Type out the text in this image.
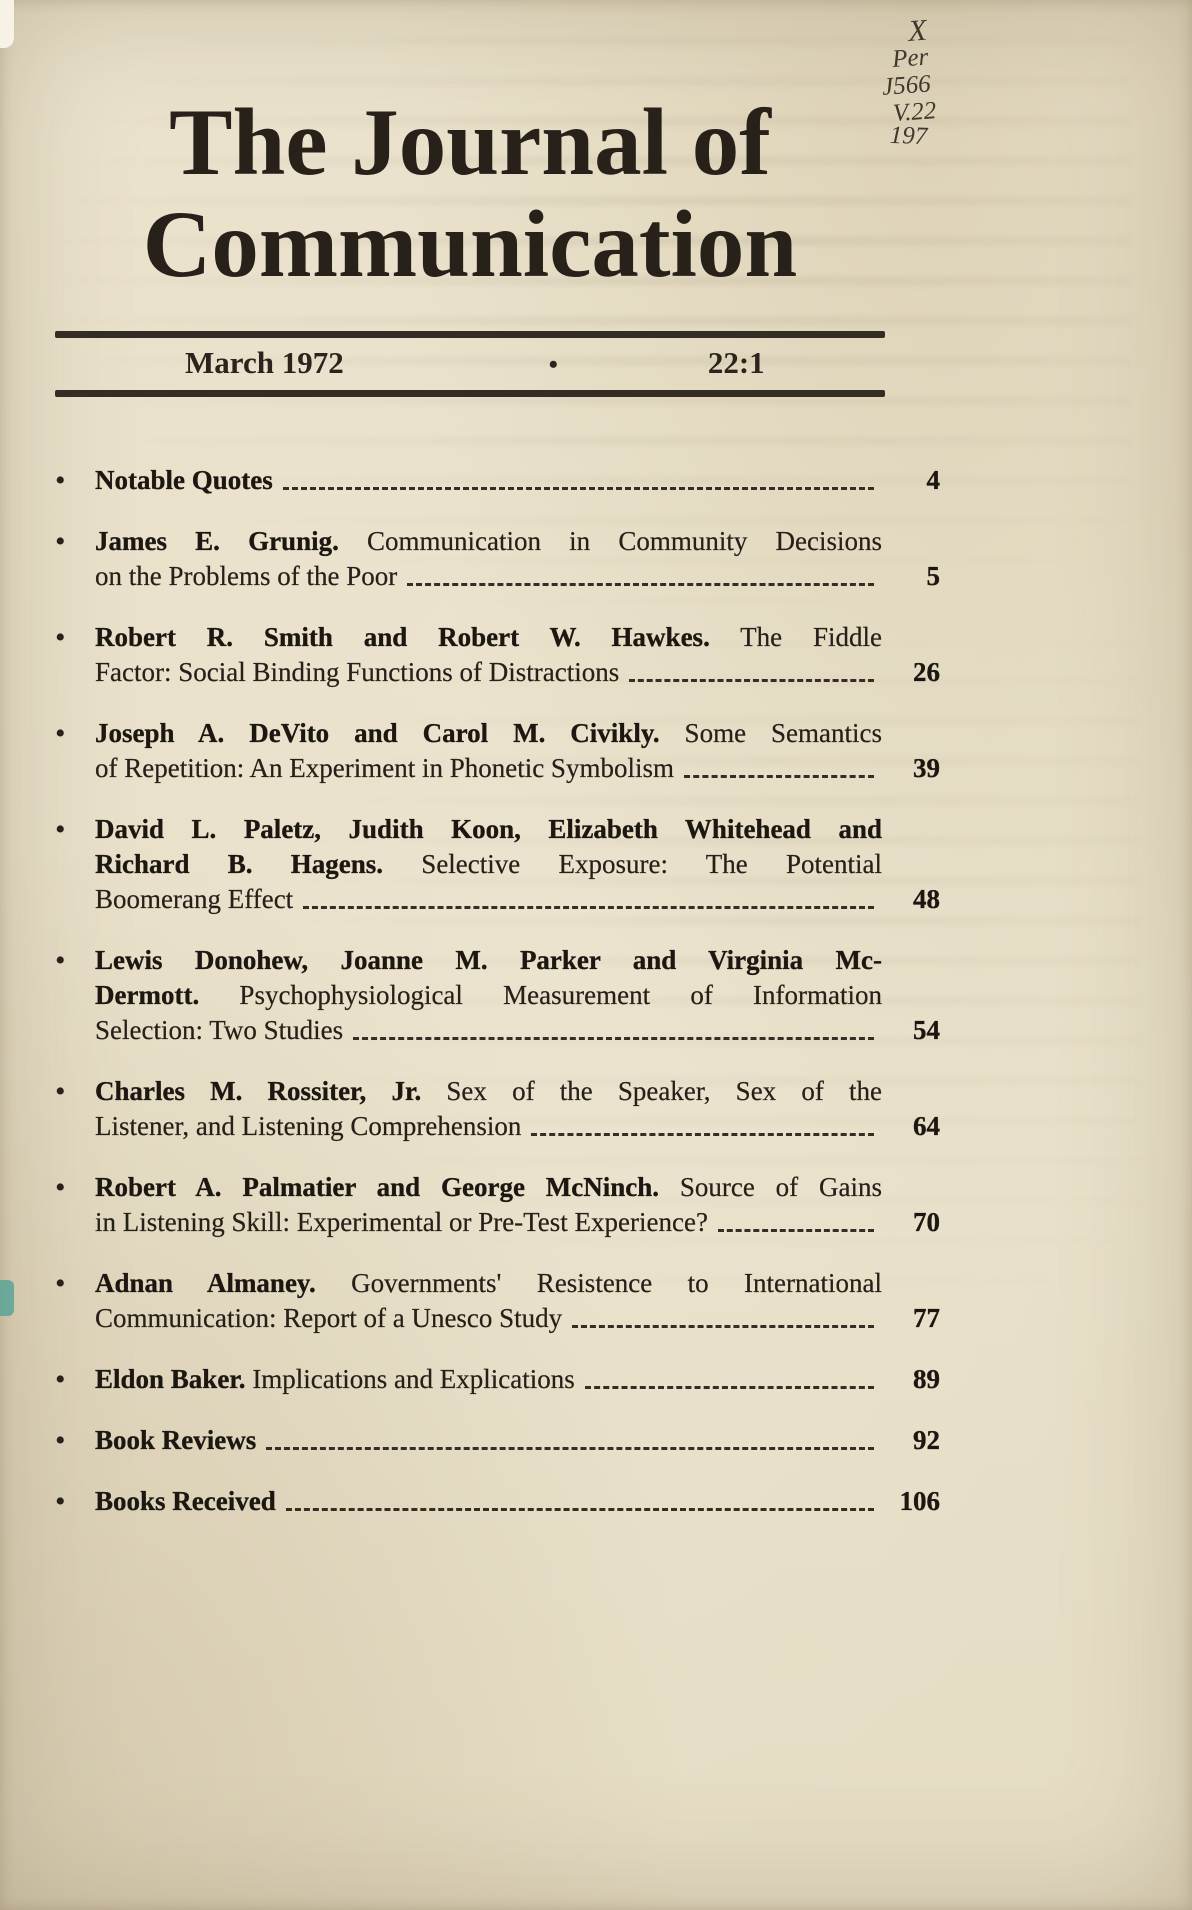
X
Per
J566
V.22
197
The Journal of
Communication
March 1972	•	22:1
•	Notable Quotes	4
•	James E. Grunig. Communication in Community Decisions
on the Problems of the Poor	5
•	Robert R. Smith and Robert W. Hawkes. The Fiddle
Factor: Social Binding Functions of Distractions	26
•	Joseph A. DeVito and Carol M. Civikly. Some Semantics
of Repetition: An Experiment in Phonetic Symbolism	39
•	David L. Paletz, Judith Koon, Elizabeth Whitehead and
Richard B. Hagens. Selective Exposure: The Potential
Boomerang Effect	48
•	Lewis Donohew, Joanne M. Parker and Virginia Mc-
Dermott. Psychophysiological Measurement of Information
Selection: Two Studies	54
•	Charles M. Rossiter, Jr. Sex of the Speaker, Sex of the
Listener, and Listening Comprehension	64
•	Robert A. Palmatier and George McNinch. Source of Gains
in Listening Skill: Experimental or Pre-Test Experience?	70
•	Adnan Almaney. Governments' Resistence to International
Communication: Report of a Unesco Study	77
•	Eldon Baker. Implications and Explications	89
•	Book Reviews	92
•	Books Received	106
